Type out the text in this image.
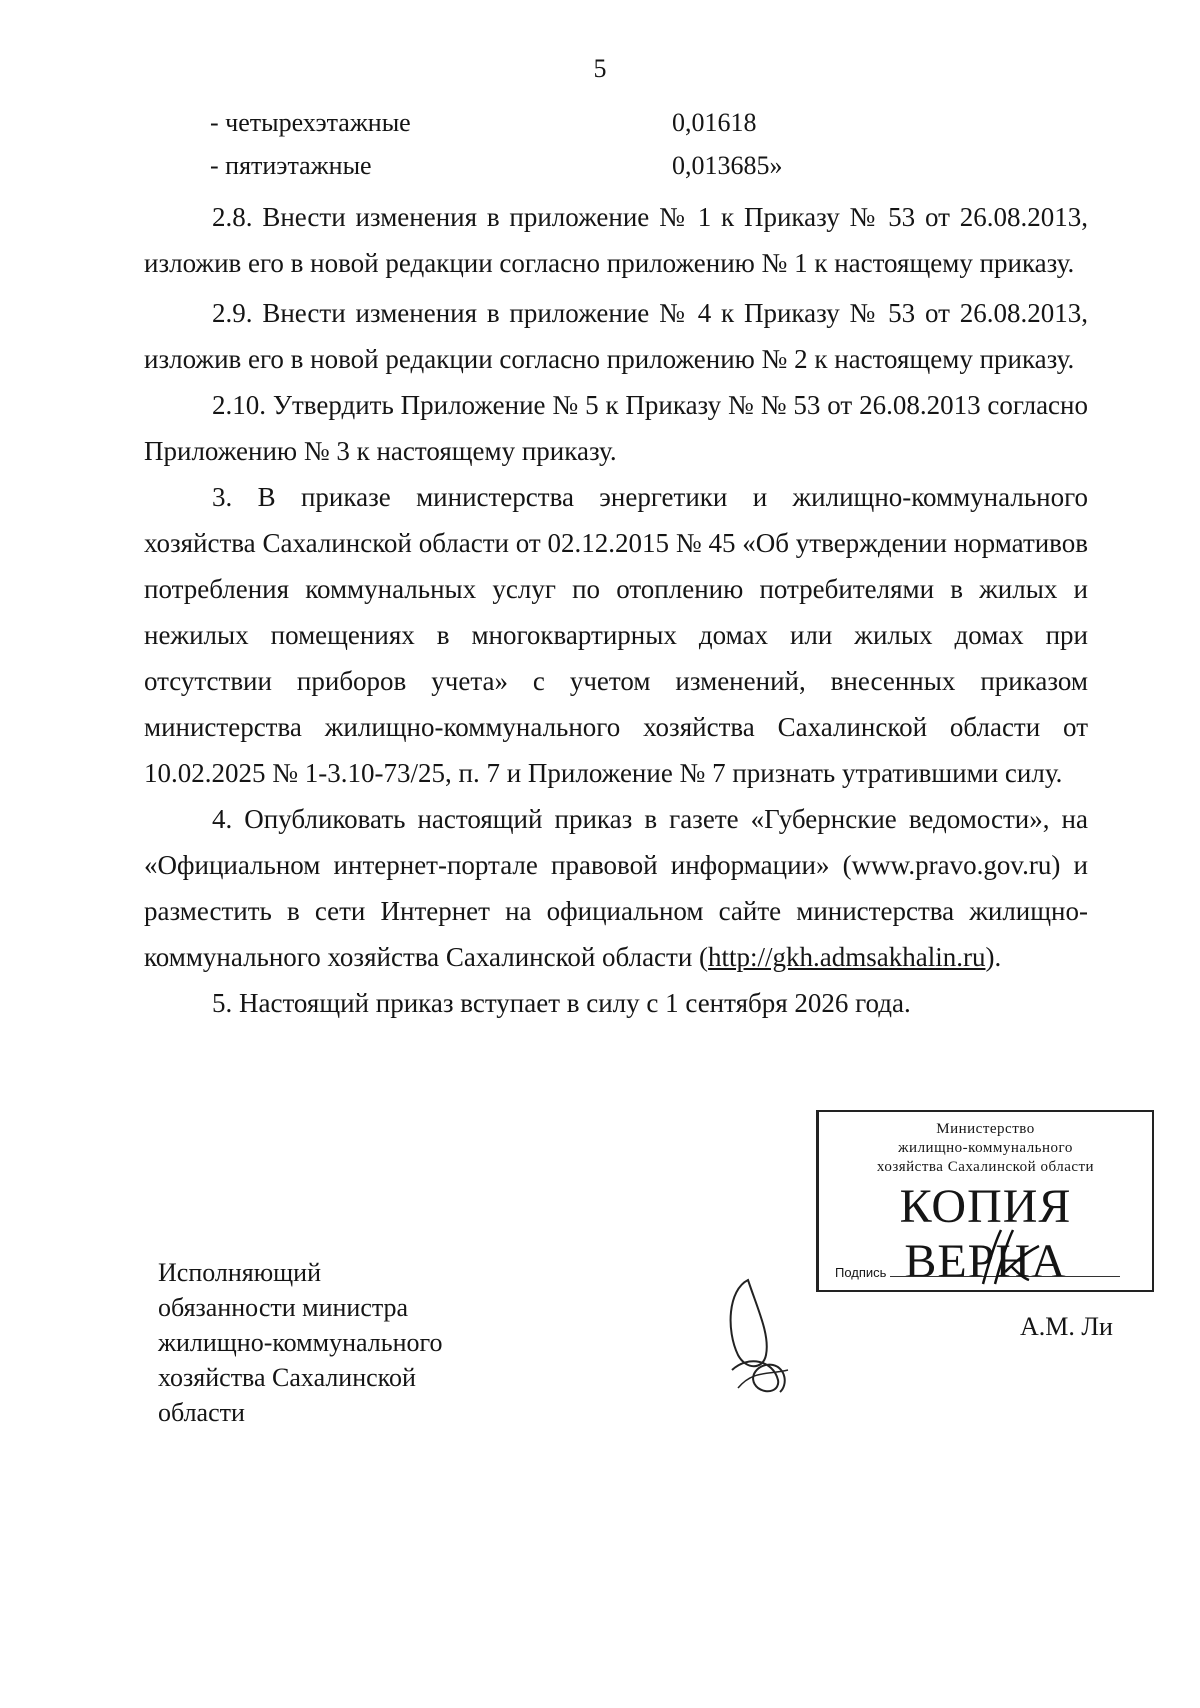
5
- четырехэтажные	0,01618
- пятиэтажные	0,013685»

2.8. Внести изменения в приложение № 1 к Приказу № 53 от 26.08.2013, изложив его в новой редакции согласно приложению № 1 к настоящему приказу.

2.9. Внести изменения в приложение № 4 к Приказу № 53 от 26.08.2013, изложив его в новой редакции согласно приложению № 2 к настоящему приказу.

2.10. Утвердить Приложение № 5 к Приказу № № 53 от 26.08.2013 согласно Приложению № 3 к настоящему приказу.

3. В приказе министерства энергетики и жилищно-коммунального хозяйства Сахалинской области от 02.12.2015 № 45 «Об утверждении нормативов потребления коммунальных услуг по отоплению потребителями в жилых и нежилых помещениях в многоквартирных домах или жилых домах при отсутствии приборов учета» с учетом изменений, внесенных приказом министерства жилищно-коммунального хозяйства Сахалинской области от 10.02.2025 № 1-3.10-73/25, п. 7 и Приложение № 7 признать утратившими силу.

4. Опубликовать настоящий приказ в газете «Губернские ведомости», на «Официальном интернет-портале правовой информации» (www.pravo.gov.ru) и разместить в сети Интернет на официальном сайте министерства жилищно-коммунального хозяйства Сахалинской области (http://gkh.admsakhalin.ru).

5. Настоящий приказ вступает в силу с 1 сентября 2026 года.

Исполняющий
обязанности министра
жилищно-коммунального
хозяйства Сахалинской
области
А.М. Ли
Министерство
жилищно-коммунального
хозяйства Сахалинской области
КОПИЯ ВЕРНА
Подпись
